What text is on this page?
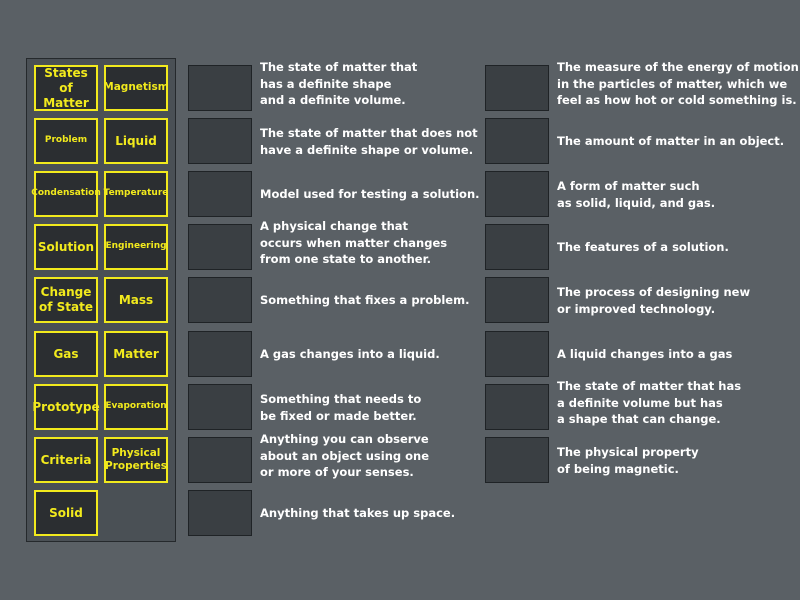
States of
Matter
Magnetism
Problem Liquid
Condensation Temperature
Solution Engineering
Change
of State
Mass
Gas	Matter
Prototype Evaporation
Criteria	Physical
Properties
Solid
The state of matter that
has a definite shape
and a definite volume.
The state of matter that does not
have a definite shape or volume.
Model used for testing a solution.
A physical change that
occurs when matter changes
from one state to another.
Something that fixes a problem.
A gas changes into a liquid.
Something that needs to
be fixed or made better.
Anything you can observe
about an object using one
or more of your senses.
Anything that takes up space.
The measure of the energy of motion
in the particles of matter, which we
feel as how hot or cold something is.
The amount of matter in an object.
A form of matter such
as solid, liquid, and gas.
The features of a solution.
The process of designing new
or improved technology.
A liquid changes into a gas
The state of matter that has
a definite volume but has
a shape that can change.
The physical property
of being magnetic.
